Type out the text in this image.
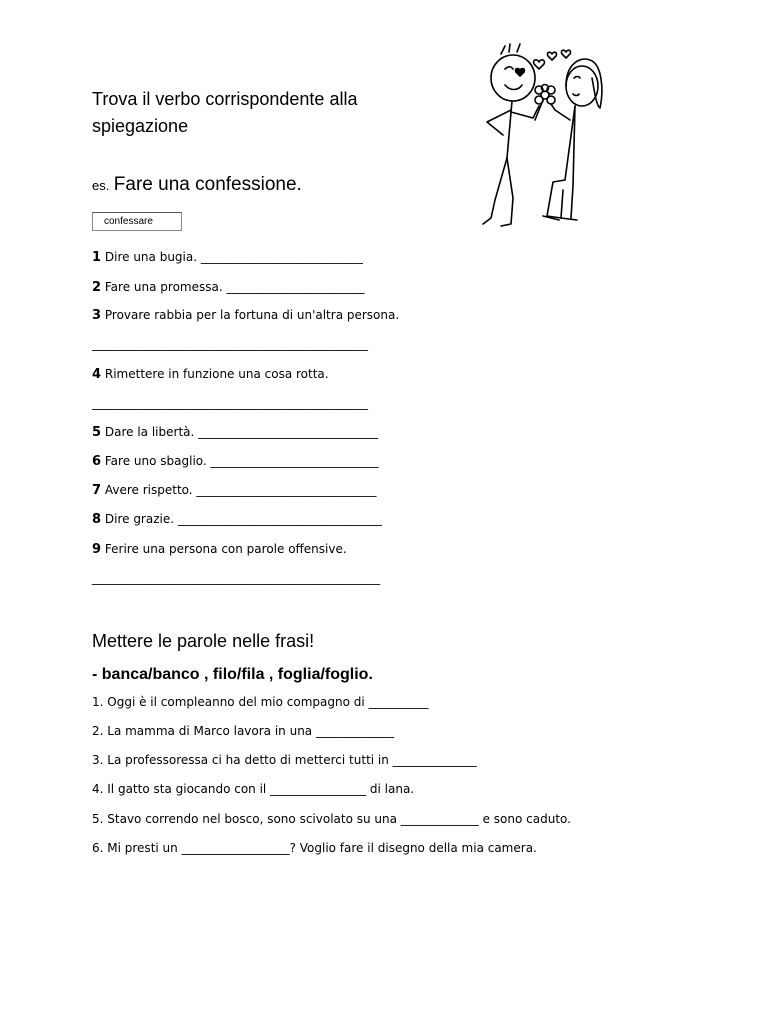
Trova il verbo corrispondente alla
spiegazione
es. Fare una confessione.
confessare
1 Dire una bugia. ___________________________
2 Fare una promessa. _______________________
3 Provare rabbia per la fortuna di un'altra persona.
______________________________________________
4 Rimettere in funzione una cosa rotta.
______________________________________________
5 Dare la libertà. ______________________________
6 Fare uno sbaglio. ____________________________
7 Avere rispetto. ______________________________
8 Dire grazie. __________________________________
9 Ferire una persona con parole offensive.
________________________________________________
Mettere le parole nelle frasi!
- banca/banco , filo/fila , foglia/foglio.
1. Oggi è il compleanno del mio compagno di __________
2. La mamma di Marco lavora in una _____________
3. La professoressa ci ha detto di metterci tutti in ______________
4. Il gatto sta giocando con il ________________ di lana.
5. Stavo correndo nel bosco, sono scivolato su una _____________ e sono caduto.
6. Mi presti un __________________? Voglio fare il disegno della mia camera.
